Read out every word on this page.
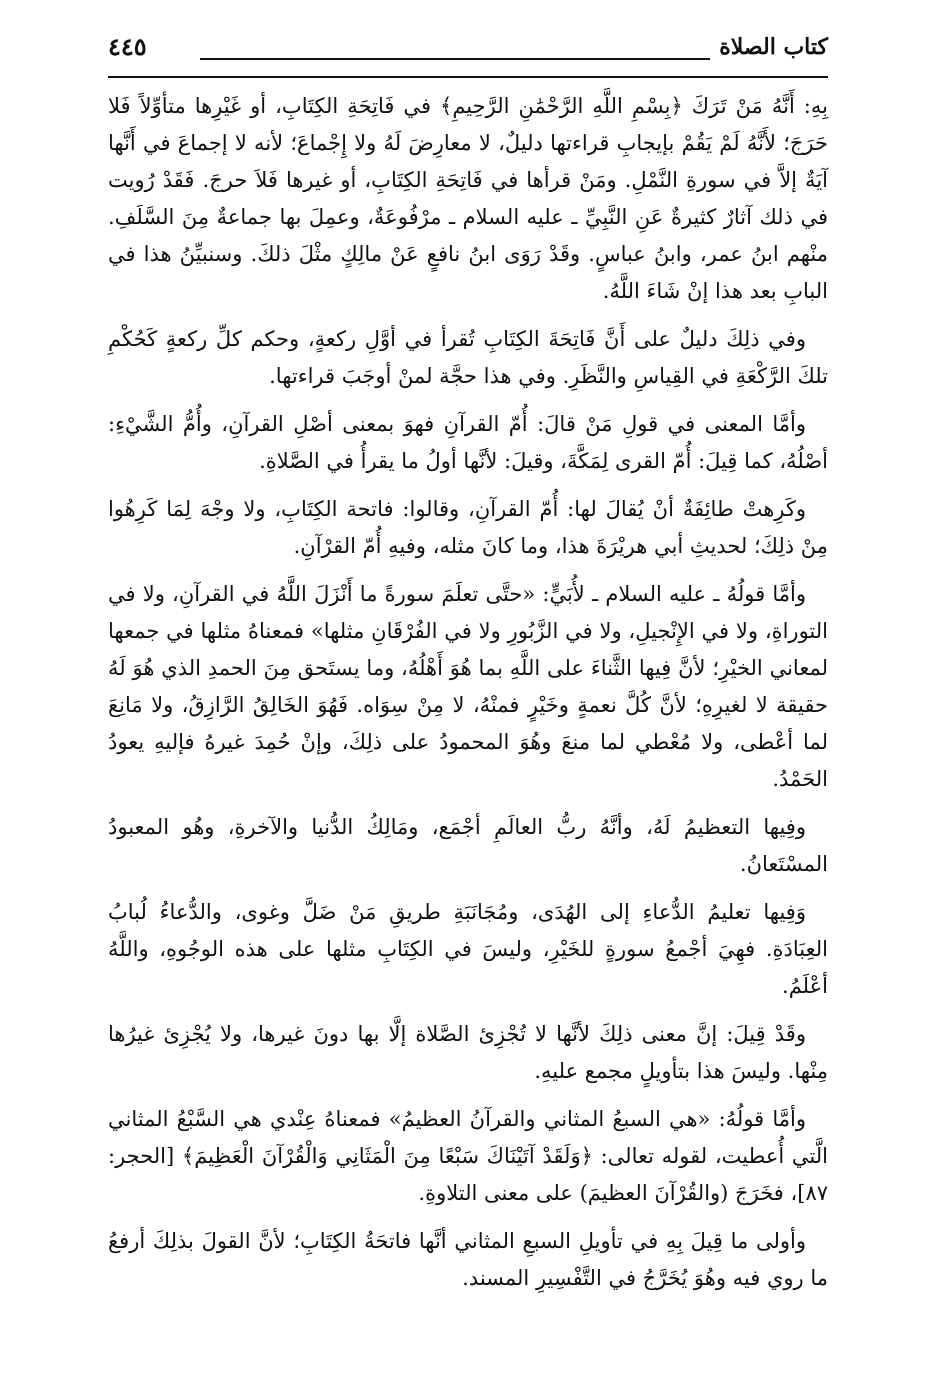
كتاب الصلاة
٤٤٥

بِهِ: أَنَّهُ مَنْ تَرَكَ ﴿بِسْمِ اللَّهِ الرَّحْمَٰنِ الرَّحِيمِ﴾ في فَاتِحَةِ الكِتَابِ، أو غَيْرِها متأوِّلاً فَلا حَرَجَ؛ لأَنَّهُ لَمْ يَقُمْ بإيجابِ قراءتها دليلٌ، لا معارِضَ لَهُ ولا إِجْماعَ؛ لأنه لا إجماعَ في أَنَّها آيَةٌ إلاَّ في سورةِ النَّمْلِ. ومَنْ قرأها في فَاتِحَةِ الكِتَابِ، أو غيرها فَلاَ حرجَ. فَقَدْ رُويت في ذلك آثارٌ كثيرةٌ عَنِ النَّبِيِّ ـ عليه السلام ـ مرْفُوعَةٌ، وعمِلَ بها جماعةٌ مِنَ السَّلَفِ. منْهم ابنُ عمر، وابنُ عباسٍ. وقَدْ رَوَى ابنُ نافعٍ عَنْ مالِكٍ مثْلَ ذلكَ. وسنبيِّنُ هذا في البابِ بعد هذا إنْ شَاءَ اللَّهُ.

وفي ذلِكَ دليلٌ على أَنَّ فَاتِحَةَ الكِتَابِ تُقرأ في أوَّلِ ركعةٍ، وحكم كلِّ ركعةٍ كَحُكْمِ تلكَ الرَّكْعَةِ في القِياسِ والنَّظَرِ. وفي هذا حجَّة لمنْ أوجَبَ قراءتها.

وأمَّا المعنى في قولِ مَنْ قالَ: أُمّ القرآنِ فهوَ بمعنى أصْلِ القرآنِ، وأُمُّ الشَّيْءِ: أصْلُهُ، كما قِيلَ: أُمّ القرى لِمَكَّةَ، وقيلَ: لأنَّها أولُ ما يقرأُ في الصَّلاةِ.

وكَرِهتْ طائِفَةٌ أنْ يُقالَ لها: أُمّ القرآنِ، وقالوا: فاتحة الكِتَابِ، ولا وجْهَ لِمَا كَرِهُوا مِنْ ذلِكَ؛ لحديثِ أبي هريْرَةَ هذا، وما كانَ مثله، وفيهِ أُمّ القرْآنِ.

وأمَّا قولُهُ ـ عليه السلام ـ لأُبَيٍّ: «حتَّى تعلَمَ سورةً ما أَنْزَلَ اللَّهُ في القرآنِ، ولا في التوراةِ، ولا في الإِنْجيلِ، ولا في الزَّبُورِ ولا في الفُرْقَانِ مثلها» فمعناهُ مثلها في جمعها لمعاني الخيْرِ؛ لأنَّ فِيها الثَّناءَ على اللَّهِ بما هُوَ أَهْلُهُ، وما يستَحق مِنَ الحمدِ الذي هُوَ لَهُ حقيقة لا لغيرِهِ؛ لأنَّ كُلَّ نعمةٍ وخَيْرٍ فمنْهُ، لا مِنْ سِوَاه. فَهُوَ الخَالِقُ الرَّازِقُ، ولا مَانِعَ لما أعْطى، ولا مُعْطي لما منعَ وهُوَ المحمودُ على ذلِكَ، وإنْ حُمِدَ غيرهُ فإليهِ يعودُ الحَمْدُ.

وفِيها التعظيمُ لَهُ، وأنَّهُ ربُّ العالَمِ أجْمَع، ومَالِكُ الدُّنيا والآخرةِ، وهُو المعبودُ المسْتَعانُ.

وَفِيها تعليمُ الدُّعاءِ إلى الهُدَى، ومُجَانَبَةِ طريقِ مَنْ ضَلَّ وغوى، والدُّعاءُ لُبابُ العِبَادَةِ. فهِيَ أجْمعُ سورةٍ للخَيْرِ، وليسَ في الكِتَابِ مثلها على هذه الوجُوهِ، واللَّهُ أعْلَمُ.

وقَدْ قِيلَ: إنَّ معنى ذلِكَ لأنَّها لا تُجْزِئ الصَّلاة إلَّا بها دونَ غيرها، ولا يُجْزِئ غيرُها مِنْها. وليسَ هذا بتأويلٍ مجمع عليهِ.

وأمَّا قولُهُ: «هي السبعُ المثاني والقرآنُ العظيمُ» فمعناهُ عِنْدي هي السَّبْعُ المثاني الَّتي أُعطيت، لقوله تعالى: ﴿وَلَقَدْ آتَيْنَاكَ سَبْعًا مِنَ الْمَثَانِي وَالْقُرْآنَ الْعَظِيمَ﴾ [الحجر: ٨٧]، فخَرَجَ (والقُرْآنَ العظيمَ) على معنى التلاوةِ.

وأولى ما قِيلَ بِهِ في تأويلِ السبعِ المثاني أنَّها فاتحَةُ الكِتَابِ؛ لأنَّ القولَ بذلِكَ أرفعُ ما روي فيه وهُوَ يُخَرَّجُ في التَّفْسِيرِ المسند.
